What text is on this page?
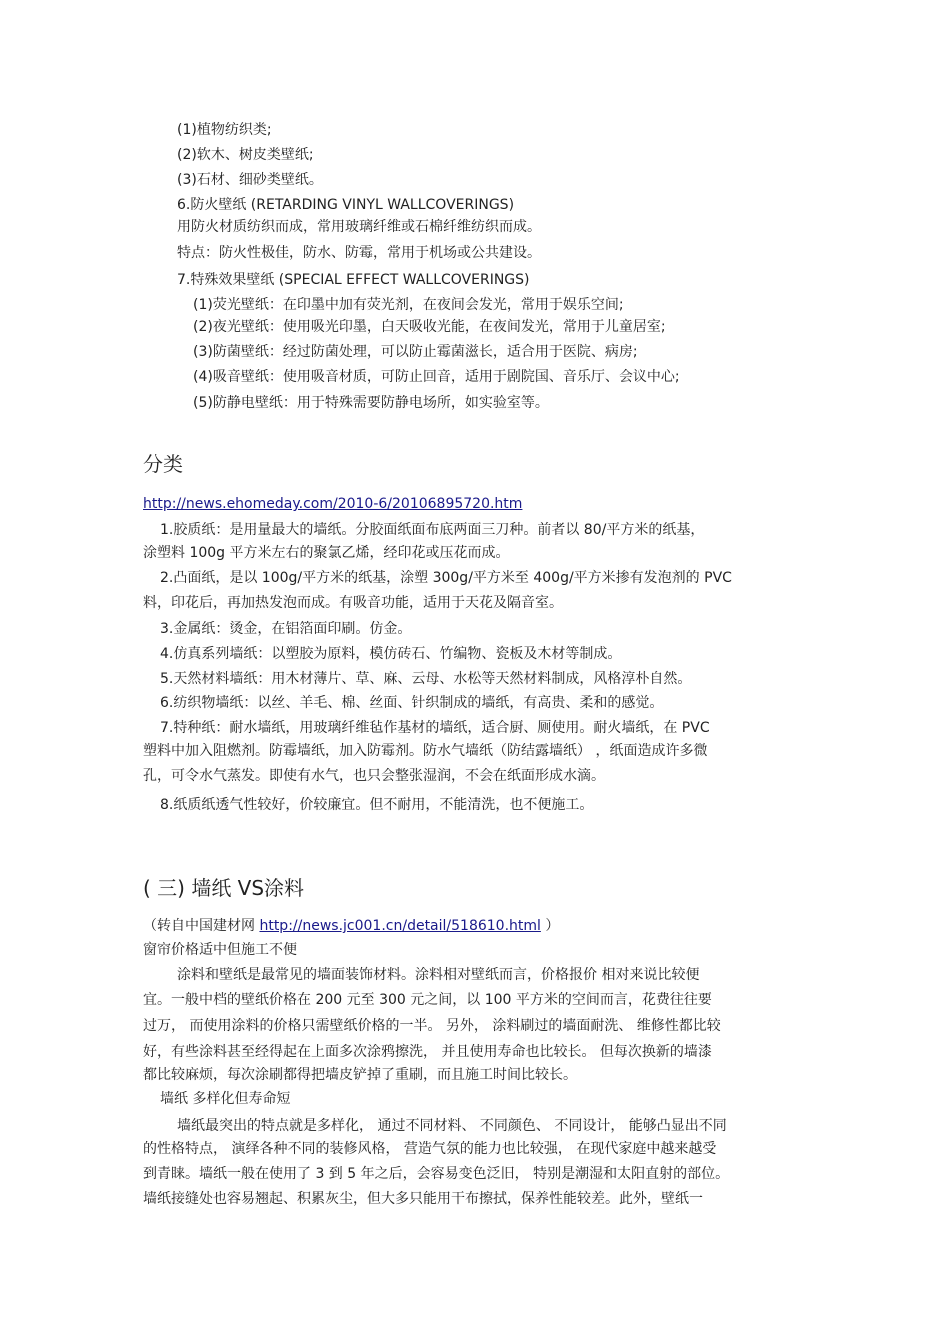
(1)植物纺织类;
(2)软木、树皮类壁纸;
(3)石材、细砂类壁纸。
6.防火壁纸 (RETARDING VINYL WALLCOVERINGS)
用防火材质纺织而成，常用玻璃纤维或石棉纤维纺织而成。
特点：防火性极佳，防水、防霉，常用于机场或公共建设。
7.特殊效果壁纸 (SPECIAL EFFECT WALLCOVERINGS)
(1)荧光壁纸：在印墨中加有荧光剂，在夜间会发光，常用于娱乐空间;
(2)夜光壁纸：使用吸光印墨，白天吸收光能，在夜间发光，常用于儿童居室;
(3)防菌壁纸：经过防菌处理，可以防止霉菌滋长，适合用于医院、病房;
(4)吸音壁纸：使用吸音材质，可防止回音，适用于剧院国、音乐厅、会议中心;
(5)防静电壁纸：用于特殊需要防静电场所，如实验室等。
分类
http://news.ehomeday.com/2010-6/20106895720.htm
1.胶质纸：是用量最大的墙纸。分胶面纸面布底两面三刀种。前者以 80/平方米的纸基，
涂塑料 100g 平方米左右的聚氯乙烯，经印花或压花而成。
2.凸面纸，是以 100g/平方米的纸基，涂塑 300g/平方米至 400g/平方米掺有发泡剂的 PVC
料，印花后，再加热发泡而成。有吸音功能，适用于天花及隔音室。
3.金属纸：烫金，在铝箔面印刷。仿金。
4.仿真系列墙纸：以塑胶为原料，模仿砖石、竹编物、瓷板及木材等制成。
5.天然材料墙纸：用木材薄片、草、麻、云母、水松等天然材料制成，风格淳朴自然。
6.纺织物墙纸：以丝、羊毛、棉、丝面、针织制成的墙纸，有高贵、柔和的感觉。
7.特种纸：耐水墙纸，用玻璃纤维毡作基材的墙纸，适合厨、厕使用。耐火墙纸，在 PVC
塑料中加入阻燃剂。防霉墙纸，加入防霉剂。防水气墙纸（防结露墙纸） ，纸面造成许多微
孔，可令水气蒸发。即使有水气，也只会整张湿润，不会在纸面形成水滴。
8.纸质纸透气性较好，价较廉宜。但不耐用，不能清洗，也不便施工。
( 三) 墙纸 VS涂料
（转自中国建材网 http://news.jc001.cn/detail/518610.html ）
窗帘价格适中但施工不便
涂料和壁纸是最常见的墙面装饰材料。涂料相对壁纸而言，价格报价 相对来说比较便
宜。一般中档的壁纸价格在 200 元至 300 元之间，以 100 平方米的空间而言，花费往往要
过万， 而使用涂料的价格只需壁纸价格的一半。 另外， 涂料刷过的墙面耐洗、 维修性都比较
好，有些涂料甚至经得起在上面多次涂鸦擦洗， 并且使用寿命也比较长。 但每次换新的墙漆
都比较麻烦，每次涂刷都得把墙皮铲掉了重刷，而且施工时间比较长。
墙纸 多样化但寿命短
墙纸最突出的特点就是多样化， 通过不同材料、 不同颜色、 不同设计， 能够凸显出不同
的性格特点， 演绎各种不同的装修风格， 营造气氛的能力也比较强， 在现代家庭中越来越受
到青睐。墙纸一般在使用了 3 到 5 年之后，会容易变色泛旧， 特别是潮湿和太阳直射的部位。
墙纸接缝处也容易翘起、积累灰尘，但大多只能用干布擦拭，保养性能较差。此外，壁纸一
